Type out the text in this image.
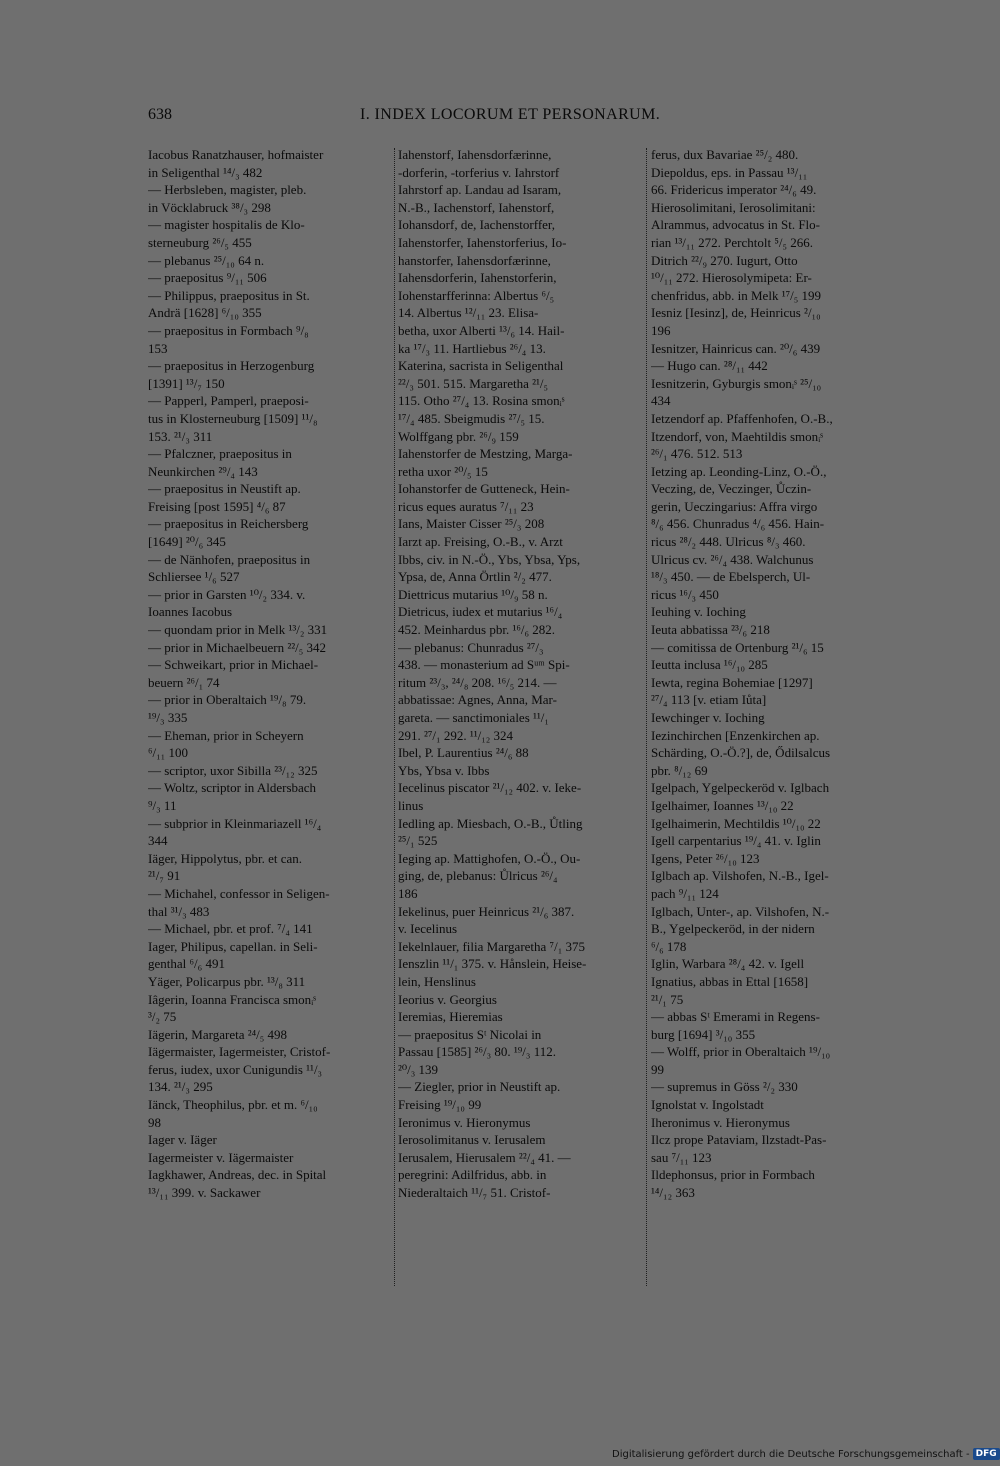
638	I. INDEX LOCORUM ET PERSONARUM.
Iacobus Ranatzhauser, hofmaister
in Seligenthal ¹⁴/₃ 482
— Herbsleben, magister, pleb.
in Vöcklabruck ³⁸/₃ 298
— magister hospitalis de Klo-
sterneuburg ²⁶/₅ 455
— plebanus ²⁵/₁₀ 64 n.
— praepositus ⁹/₁₁ 506
— Philippus, praepositus in St.
Andrä [1628] ⁶/₁₀ 355
— praepositus in Formbach ⁹/₈
153
— praepositus in Herzogenburg
[1391] ¹³/₇ 150
— Papperl, Pamperl, praeposi-
tus in Klosterneuburg [1509] ¹¹/₈
153. ²¹/₃ 311
— Pfalczner, praepositus in
Neunkirchen ²⁹/₄ 143
— praepositus in Neustift ap.
Freising [post 1595] ⁴/₆ 87
— praepositus in Reichersberg
[1649] ²⁰/₆ 345
— de Nänhofen, praepositus in
Schliersee ¹/₆ 527
— prior in Garsten ¹⁰/₂ 334. v.
Ioannes Iacobus
— quondam prior in Melk ¹³/₂ 331
— prior in Michaelbeuern ²²/₅ 342
— Schweikart, prior in Michael-
beuern ²⁶/₁ 74
— prior in Oberaltaich ¹⁹/₈ 79.
¹⁹/₃ 335
— Eheman, prior in Scheyern
⁶/₁₁ 100
— scriptor, uxor Sibilla ²³/₁₂ 325
— Woltz, scriptor in Aldersbach
⁹/₃ 11
— subprior in Kleinmariazell ¹⁶/₄
344
Iäger, Hippolytus, pbr. et can.
²¹/₇ 91
— Michahel, confessor in Seligen-
thal ³¹/₃ 483
— Michael, pbr. et prof. ⁷/₄ 141
Iager, Philipus, capellan. in Seli-
genthal ⁶/₆ 491
Yäger, Policarpus pbr. ¹³/₈ 311
Iâgerin, Ioanna Francisca smonᵢˢ
³/₂ 75
Iägerin, Margareta ²⁴/₅ 498
Iägermaister, Iagermeister, Cristof-
ferus, iudex, uxor Cunigundis ¹¹/₃
134. ²¹/₃ 295
Iänck, Theophilus, pbr. et m. ⁶/₁₀
98
Iager v. Iäger
Iagermeister v. Iägermaister
Iagkhawer, Andreas, dec. in Spital
¹³/₁₁ 399. v. Sackawer
Iahenstorf, Iahensdorfærinne,
-dorferin, -torferius v. Iahrstorf
Iahrstorf ap. Landau ad Isaram,
N.-B., Iachenstorf, Iahenstorf,
Iohansdorf, de, Iachenstorffer,
Iahenstorfer, Iahenstorferius, Io-
hanstorfer, Iahensdorfærinne,
Iahensdorferin, Iahenstorferin,
Iohenstarfferinna: Albertus ⁶/₅
14. Albertus ¹²/₁₁ 23. Elisa-
betha, uxor Alberti ¹³/₆ 14. Hail-
ka ¹⁷/₃ 11. Hartliebus ²⁶/₄ 13.
Katerina, sacrista in Seligenthal
²²/₃ 501. 515. Margaretha ²¹/₅
115. Otho ²⁷/₄ 13. Rosina smonᵢˢ
¹⁷/₄ 485. Sbeigmudis ²⁷/₅ 15.
Wolffgang pbr. ²⁶/₉ 159
Iahenstorfer de Mestzing, Marga-
retha uxor ²⁰/₅ 15
Iohanstorfer de Gutteneck, Hein-
ricus eques auratus ⁷/₁₁ 23
Ians, Maister Cisser ²⁵/₃ 208
Iarzt ap. Freising, O.-B., v. Arzt
Ibbs, civ. in N.-Ö., Ybs, Ybsa, Yps,
Ypsa, de, Anna Örtlin ²/₂ 477.
Diettricus mutarius ¹⁰/₉ 58 n.
Dietricus, iudex et mutarius ¹⁶/₄
452. Meinhardus pbr. ¹⁶/₆ 282.
— plebanus: Chunradus ²⁷/₃
438. — monasterium ad Sᵘᵐ Spi-
ritum ²³/₃, ²⁴/₈ 208. ¹⁶/₅ 214. —
abbatissae: Agnes, Anna, Mar-
gareta. — sanctimoniales ¹¹/₁
291. ²⁷/₁ 292. ¹¹/₁₂ 324
Ibel, P. Laurentius ²⁴/₆ 88
Ybs, Ybsa v. Ibbs
Iecelinus piscator ²¹/₁₂ 402. v. Ieke-
linus
Iedling ap. Miesbach, O.-B., Ůtling
²⁵/₁ 525
Ieging ap. Mattighofen, O.-Ö., Ou-
ging, de, plebanus: Ůlricus ²⁶/₄
186
Iekelinus, puer Heinricus ²¹/₆ 387.
v. Iecelinus
Iekelnlauer, filia Margaretha ⁷/₁ 375
Ienszlin ¹¹/₁ 375. v. Hånslein, Heise-
lein, Henslinus
Ieorius v. Georgius
Ieremias, Hieremias
— praepositus Sᵗ Nicolai in
Passau [1585] ²⁶/₃ 80. ¹⁹/₃ 112.
²⁰/₃ 139
— Ziegler, prior in Neustift ap.
Freising ¹⁹/₁₀ 99
Ieronimus v. Hieronymus
Ierosolimitanus v. Ierusalem
Ierusalem, Hierusalem ²²/₄ 41. —
peregrini: Adilfridus, abb. in
Niederaltaich ¹¹/₇ 51. Cristof-
ferus, dux Bavariae ²⁵/₂ 480.
Diepoldus, eps. in Passau ¹³/₁₁
66. Fridericus imperator ²⁴/₆ 49.
Hierosolimitani, Ierosolimitani:
Alrammus, advocatus in St. Flo-
rian ¹³/₁₁ 272. Perchtolt ⁵/₅ 266.
Ditrich ²²/₉ 270. Iugurt, Otto
¹⁰/₁₁ 272. Hierosolymipeta: Er-
chenfridus, abb. in Melk ¹⁷/₅ 199
Iesniz [Iesinz], de, Heinricus ²/₁₀
196
Iesnitzer, Hainricus can. ²⁰/₆ 439
— Hugo can. ²⁸/₁₁ 442
Iesnitzerin, Gyburgis smonᵢˢ ²⁵/₁₀
434
Ietzendorf ap. Pfaffenhofen, O.-B.,
Itzendorf, von, Maehtildis smonᵢˢ
²⁶/₁ 476. 512. 513
Ietzing ap. Leonding-Linz, O.-Ö.,
Veczing, de, Veczinger, Ůczin-
gerin, Ueczingarius: Affra virgo
⁸/₆ 456. Chunradus ⁴/₆ 456. Hain-
ricus ²⁸/₂ 448. Ulricus ⁸/₃ 460.
Ulricus cv. ²⁶/₄ 438. Walchunus
¹⁸/₃ 450. — de Ebelsperch, Ul-
ricus ¹⁶/₃ 450
Ieuhing v. Ioching
Ieuta abbatissa ²³/₆ 218
— comitissa de Ortenburg ²¹/₆ 15
Ieutta inclusa ¹⁶/₁₀ 285
Iewta, regina Bohemiae [1297]
²⁷/₄ 113 [v. etiam Iůta]
Iewchinger v. Ioching
Iezinchirchen [Enzenkirchen ap.
Schärding, O.-Ö.?], de, Ődilsalcus
pbr. ⁸/₁₂ 69
Igelpach, Ygelpeckeröd v. Iglbach
Igelhaimer, Ioannes ¹³/₁₀ 22
Igelhaimerin, Mechtildis ¹⁰/₁₀ 22
Igell carpentarius ¹⁹/₄ 41. v. Iglin
Igens, Peter ²⁶/₁₀ 123
Iglbach ap. Vilshofen, N.-B., Igel-
pach ⁹/₁₁ 124
Iglbach, Unter-, ap. Vilshofen, N.-
B., Ygelpeckeröd, in der nidern
⁶/₆ 178
Iglin, Warbara ²⁸/₄ 42. v. Igell
Ignatius, abbas in Ettal [1658]
²¹/₁ 75
— abbas Sᵗ Emerami in Regens-
burg [1694] ³/₁₀ 355
— Wolff, prior in Oberaltaich ¹⁹/₁₀
99
— supremus in Göss ²/₂ 330
Ignolstat v. Ingolstadt
Iheronimus v. Hieronymus
Ilcz prope Pataviam, Ilzstadt-Pas-
sau ⁷/₁₁ 123
Ildephonsus, prior in Formbach
¹⁴/₁₂ 363
Digitalisierung gefördert durch die Deutsche Forschungsgemeinschaft - DFG
